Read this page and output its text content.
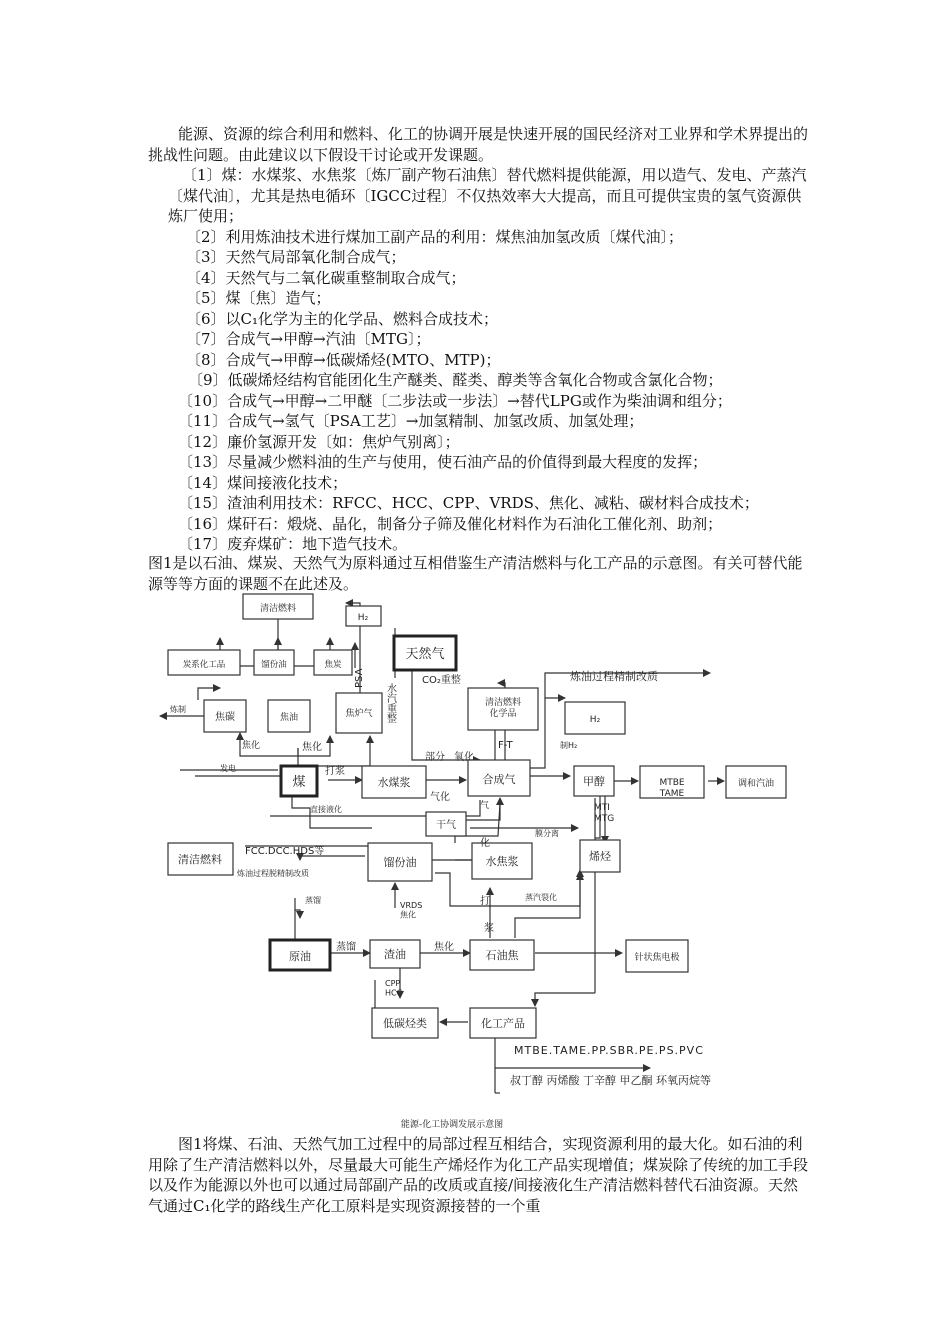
能源、资源的综合利用和燃料、化工的协调开展是快速开展的国民经济对工业界和学术界提出的挑战性问题。由此建议以下假设干讨论或开发课题。

〔1〕煤：水煤浆、水焦浆〔炼厂副产物石油焦〕替代燃料提供能源，用以造气、发电、产蒸汽〔煤代油〕，尤其是热电循环〔IGCC过程〕不仅热效率大大提高，而且可提供宝贵的氢气资源供炼厂使用；
〔2〕利用炼油技术进行煤加工副产品的利用：煤焦油加氢改质〔煤代油〕；
〔3〕天然气局部氧化制合成气；
〔4〕天然气与二氧化碳重整制取合成气；
〔5〕煤〔焦〕造气；
〔6〕以C₁化学为主的化学品、燃料合成技术；
〔7〕合成气→甲醇→汽油〔MTG〕；
〔8〕合成气→甲醇→低碳烯烃(MTO、MTP)；
〔9〕低碳烯烃结构官能团化生产醚类、醛类、醇类等含氧化合物或含氯化合物；
〔10〕合成气→甲醇→二甲醚〔二步法或一步法〕→替代LPG或作为柴油调和组分；
〔11〕合成气→氢气〔PSA工艺〕→加氢精制、加氢改质、加氢处理；
〔12〕廉价氢源开发〔如：焦炉气别离〕；
〔13〕尽量减少燃料油的生产与使用，使石油产品的价值得到最大程度的发挥；
〔14〕煤间接液化技术；
〔15〕渣油利用技术：RFCC、HCC、CPP、VRDS、焦化、减粘、碳材料合成技术；
〔16〕煤矸石：煅烧、晶化，制备分子筛及催化材料作为石油化工催化剂、助剂；
〔17〕废弃煤矿：地下造气技术。

图1是以石油、煤炭、天然气为原料通过互相借鉴生产清洁燃料与化工产品的示意图。有关可替代能源等等方面的课题不在此述及。

清洁燃料
H₂
天然气
炭系化工品	馏份油	焦炭
焦碳	焦油	焦炉气
清洁燃料化学品
H₂
煤	水煤浆	合成气	甲醇	MTBE TAME
调和汽油
干气
清洁燃料	馏份油	水焦浆	烯烃
原油	渣油	石油焦	针状焦电极
低碳烃类	化工产品
炼油过程精制改质
PSA
水汽重整
CO₂重整
部分 氧化
F-T	制H₂
炼制
焦化	焦化
发电	打浆
气化
直接液化	MTI MTG
膜分离
气
化
FCC.DCC.HDS等
炼油过程脱精制改质
蒸馏
VRDS 焦化
蒸汽裂化
打
浆
蒸馏	焦化
CPP HCC
MTBE.TAME.PP.SBR.PE.PS.PVC
叔丁醇 丙烯酸 丁辛醇 甲乙酮 环氧丙烷等
能源-化工协调发展示意图

图1将煤、石油、天然气加工过程中的局部过程互相结合，实现资源利用的最大化。如石油的利用除了生产清洁燃料以外，尽量最大可能生产烯烃作为化工产品实现增值；煤炭除了传统的加工手段以及作为能源以外也可以通过局部副产品的改质或直接/间接液化生产清洁燃料替代石油资源。天然气通过C₁化学的路线生产化工原料是实现资源接替的一个重
